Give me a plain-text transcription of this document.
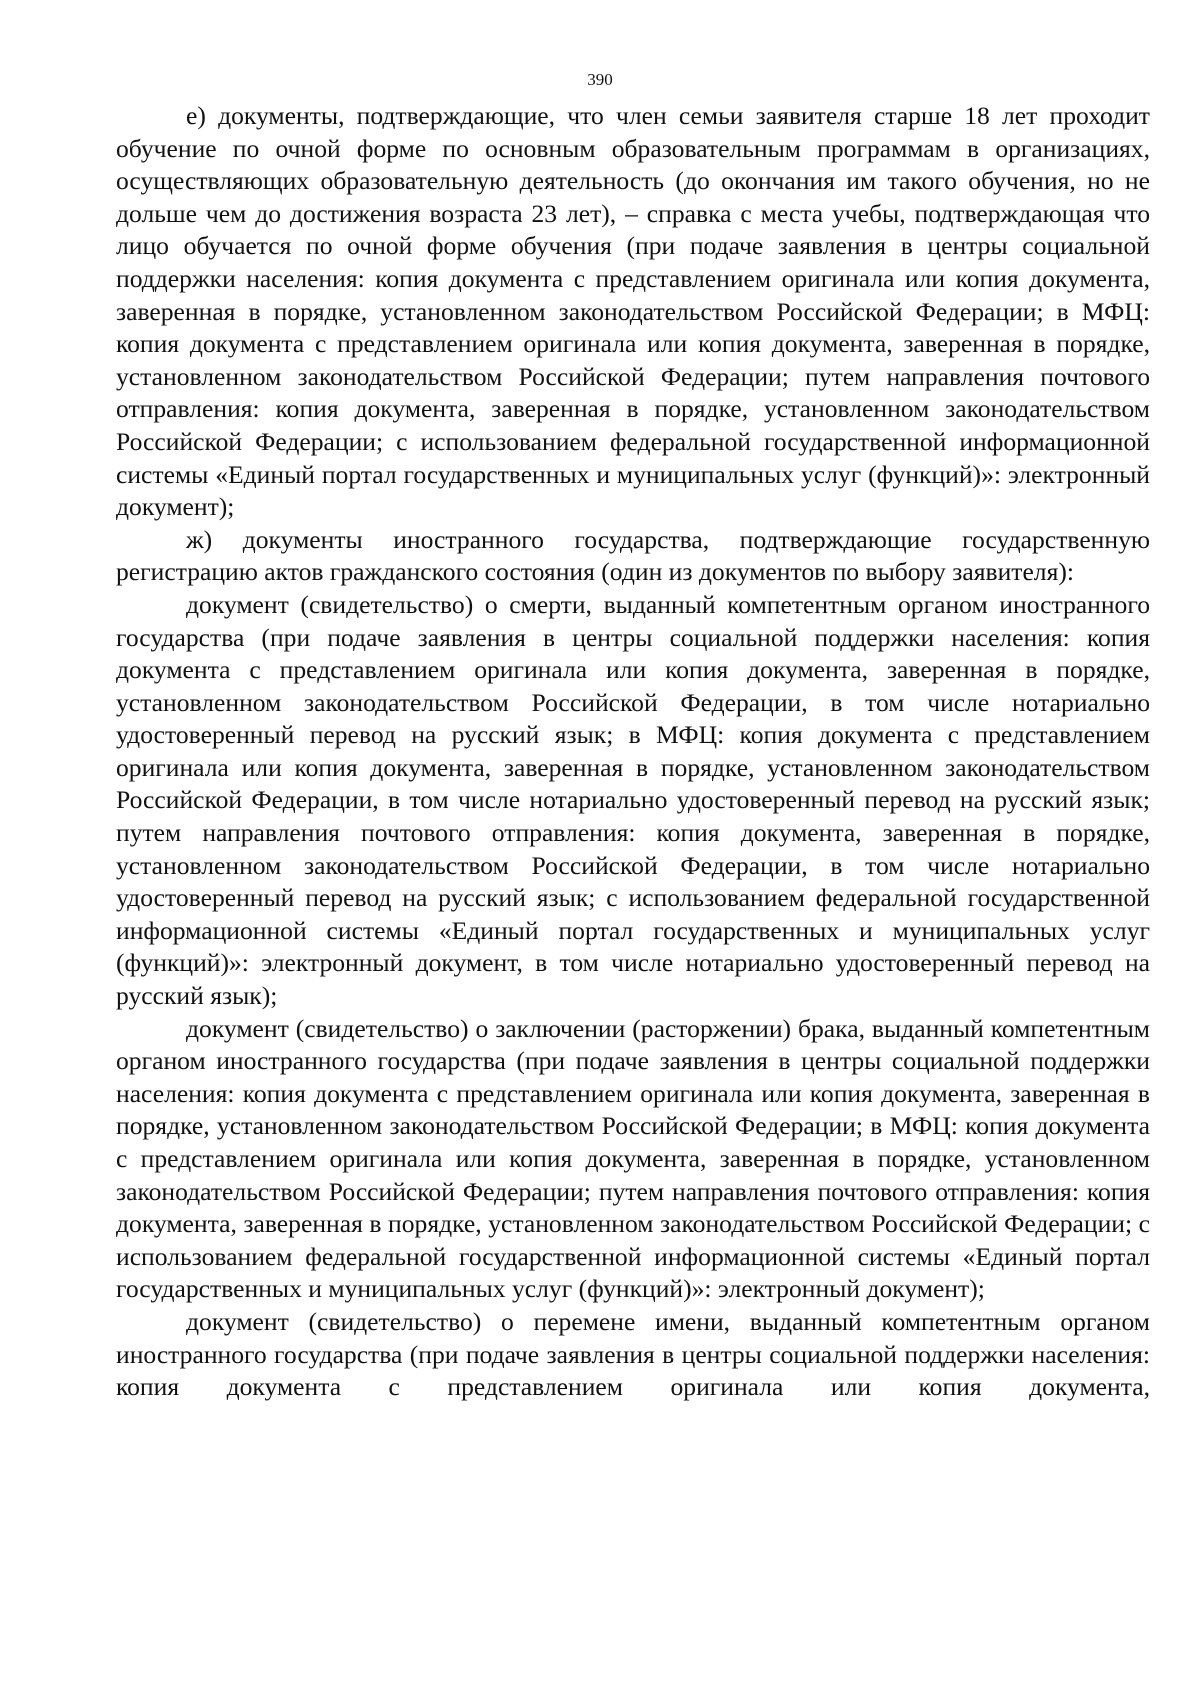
390

е) документы, подтверждающие, что член семьи заявителя старше 18 лет проходит обучение по очной форме по основным образовательным программам в организациях, осуществляющих образовательную деятельность (до окончания им такого обучения, но не дольше чем до достижения возраста 23 лет), – справка с места учебы, подтверждающая что лицо обучается по очной форме обучения (при подаче заявления в центры социальной поддержки населения: копия документа с представлением оригинала или копия документа, заверенная в порядке, установленном законодательством Российской Федерации; в МФЦ: копия документа с представлением оригинала или копия документа, заверенная в порядке, установленном законодательством Российской Федерации; путем направления почтового отправления: копия документа, заверенная в порядке, установленном законодательством Российской Федерации; с использованием федеральной государственной информационной системы «Единый портал государственных и муниципальных услуг (функций)»: электронный документ);

ж) документы иностранного государства, подтверждающие государственную регистрацию актов гражданского состояния (один из документов по выбору заявителя):

документ (свидетельство) о смерти, выданный компетентным органом иностранного государства (при подаче заявления в центры социальной поддержки населения: копия документа с представлением оригинала или копия документа, заверенная в порядке, установленном законодательством Российской Федерации, в том числе нотариально удостоверенный перевод на русский язык; в МФЦ: копия документа с представлением оригинала или копия документа, заверенная в порядке, установленном законодательством Российской Федерации, в том числе нотариально удостоверенный перевод на русский язык; путем направления почтового отправления: копия документа, заверенная в порядке, установленном законодательством Российской Федерации, в том числе нотариально удостоверенный перевод на русский язык; с использованием федеральной государственной информационной системы «Единый портал государственных и муниципальных услуг (функций)»: электронный документ, в том числе нотариально удостоверенный перевод на русский язык);

документ (свидетельство) о заключении (расторжении) брака, выданный компетентным органом иностранного государства (при подаче заявления в центры социальной поддержки населения: копия документа с представлением оригинала или копия документа, заверенная в порядке, установленном законодательством Российской Федерации; в МФЦ: копия документа с представлением оригинала или копия документа, заверенная в порядке, установленном законодательством Российской Федерации; путем направления почтового отправления: копия документа, заверенная в порядке, установленном законодательством Российской Федерации; с использованием федеральной государственной информационной системы «Единый портал государственных и муниципальных услуг (функций)»: электронный документ);

документ (свидетельство) о перемене имени, выданный компетентным органом иностранного государства (при подаче заявления в центры социальной поддержки населения: копия документа с представлением оригинала или копия документа,
